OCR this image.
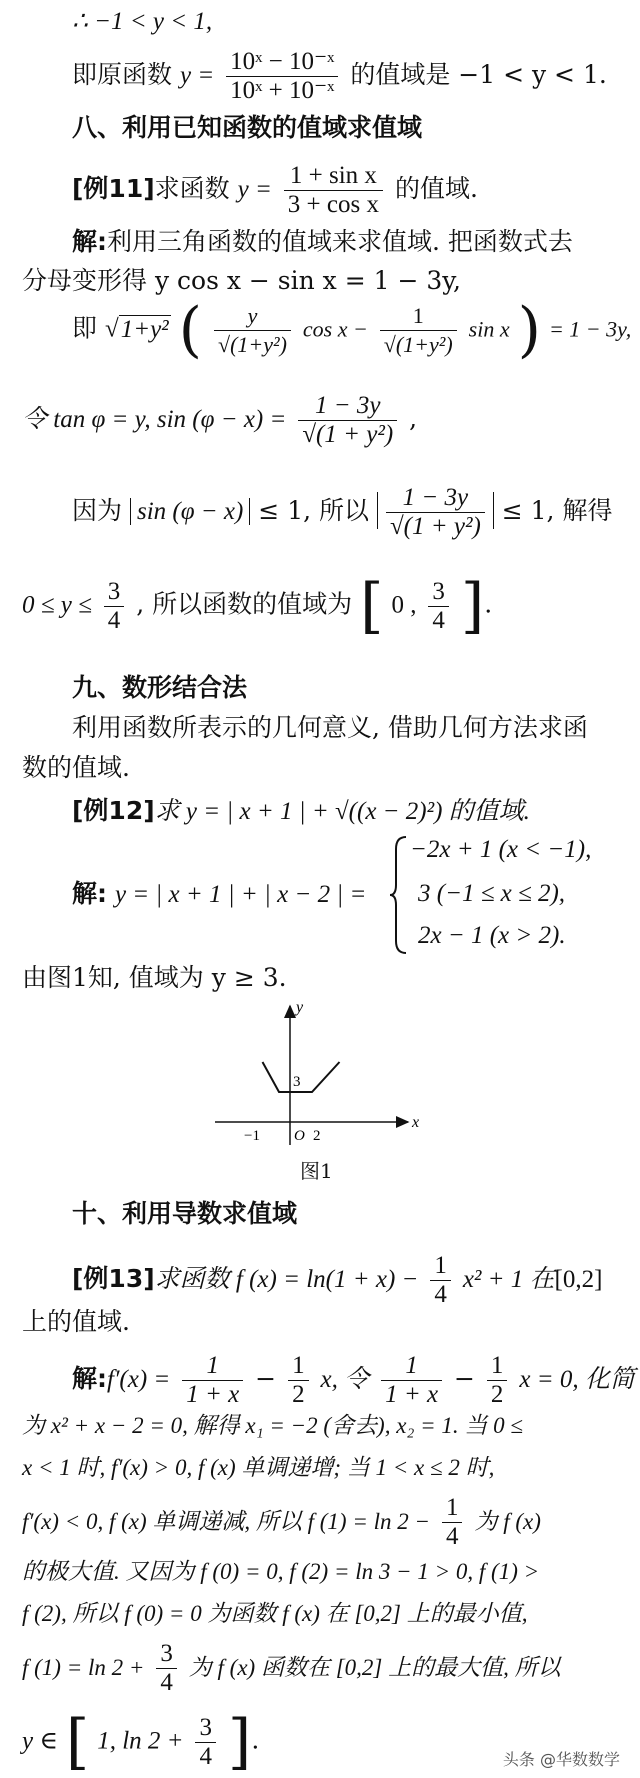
∴ −1 < y < 1,
即原函数 $y = \frac{\text{10ˣ − 10⁻ˣ}}{\text{10ˣ + 10⁻ˣ}}$ 的值域是 −1 < y < 1.
八、利用已知函数的值域求值域
[例11]求函数 $y = \frac{\text{1 + sin x}}{\text{3 + cos x}}$ 的值域.
解:利用三角函数的值域来求值域. 把函数式去
分母变形得 y cos x − sin x = 1 − 3y,
即 √1+y² ( $\frac{y}{\text{√(1+y²)}}$ $\cos x - \frac{1}{\text{√(1+y²)}}$ sin x ) = 1 − 3y,
令 tan φ = y, $\sin (\varphi - x) = \frac{1 - 3y}{\text{√(1 + y²)}}$ ,
因为 sin (φ − x) ≤ 1, 所以 $\frac{1 - 3y}{\text{√(1 + y²)}} \le 1$, 解得
$0 \le y \le \frac{3}{4}$ , 所以函数的值域为 [ 0 , $\frac{3}{4}$ ].
九、数形结合法
利用函数所表示的几何意义, 借助几何方法求函
数的值域.
[例12]求 y = | x + 1 | + √((x − 2)²) 的值域.
解: y = | x + 1 | + | x − 2 | =
−2x + 1 (x < −1),
3 (−1 ≤ x ≤ 2),
2x − 1 (x > 2).
由图1知, 值域为 y ≥ 3.
y
x
−1 O 2
3
图1
十、利用导数求值域
[例13]求函数 f $(x) = \ln(1 + x) - \frac{1}{4} x^2 + 1$ 在[0,2]
上的值域.
解:f′(x) = $\frac{1}{1 + x} - \frac{1}{2} x$, 令 $\frac{1}{1 + x} - \frac{1}{2}$ x = 0, 化简
为 x² + x − 2 = 0, 解得 x₁ = −2 (舍去), x₂ = 1. 当 0 ≤
x < 1 时, f′(x) > 0, f (x) 单调递增; 当 1 < x ≤ 2 时,
f′(x) < 0, f (x) 单调递减, 所以 f $(1) = \ln 2 - \frac{1}{4}$ 为 f (x)
的极大值. 又因为 f (0) = 0, f (2) = ln 3 − 1 > 0, f (1) >
f (2), 所以 f (0) = 0 为函数 f (x) 在 [0,2] 上的最小值,
f $(1) = \ln 2 + \frac{3}{4}$ 为 f (x) 函数在 [0,2] 上的最大值, 所以
y ∈ [ 1, $\ln 2 + \frac{3}{4}$ ].
头条 @华数数学
